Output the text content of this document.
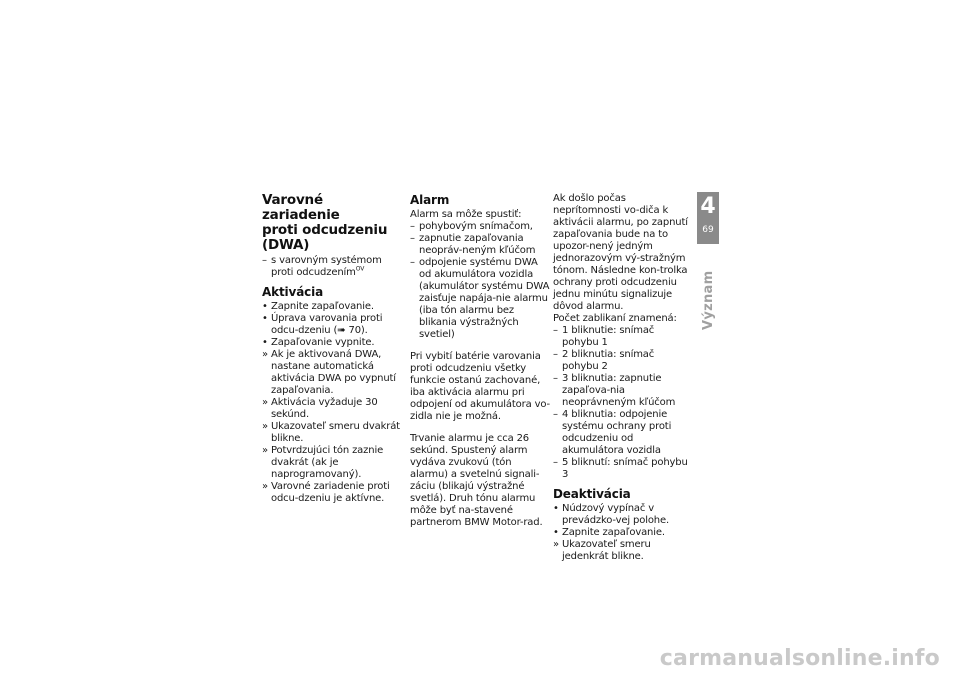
Varovné zariadenie
proti odcudzeniu (DWA)
– s varovným systémom proti odcudzením$^{OV}$
Aktivácia
• Zapnite zapaľovanie.
• Úprava varovania proti odcu-dzeniu (➠ 70).
• Zapaľovanie vypnite.
» Ak je aktivovaná DWA, nastane automatická aktivácia DWA po vypnutí zapaľovania.
» Aktivácia vyžaduje 30 sekúnd.
» Ukazovateľ smeru dvakrát blikne.
» Potvrdzujúci tón zaznie dvakrát (ak je naprogramovaný).
» Varovné zariadenie proti odcu-dzeniu je aktívne.
Alarm

Alarm sa môže spustiť:

– pohybovým snímačom,
– zapnutie zapaľovania neopráv-neným kľúčom
– odpojenie systému DWA od akumulátora vozidla (akumulátor systému DWA zaisťuje napája-nie alarmu (iba tón alarmu bez blikania výstražných svetiel)

Pri vybití batérie varovania proti odcudzeniu všetky funkcie ostanú zachované, iba aktivácia alarmu pri odpojení od akumulátora vo-zidla nie je možná.

Trvanie alarmu je cca 26 sekúnd. Spustený alarm vydáva zvukovú (tón alarmu) a svetelnú signali-záciu (blikajú výstražné svetlá). Druh tónu alarmu môže byť na-stavené partnerom BMW Motor-rad.

Ak došlo počas neprítomnosti vo-diča k aktivácii alarmu, po zapnutí zapaľovania bude na to upozor-nený jedným jednorazovým vý-stražným tónom. Následne kon-trolka ochrany proti odcudzeniu jednu minútu signalizuje dôvod alarmu.

Počet zablikaní znamená:

– 1 bliknutie: snímač pohybu 1
– 2 bliknutia: snímač pohybu 2
– 3 bliknutia: zapnutie zapaľova-nia neoprávneným kľúčom
– 4 bliknutia: odpojenie systému ochrany proti odcudzeniu od akumulátora vozidla
– 5 bliknutí: snímač pohybu 3
Deaktivácia
• Núdzový vypínač v prevádzko-vej polohe.
• Zapnite zapaľovanie.
» Ukazovateľ smeru jedenkrát blikne.
4
69
Význam
carmanualsonline.info
